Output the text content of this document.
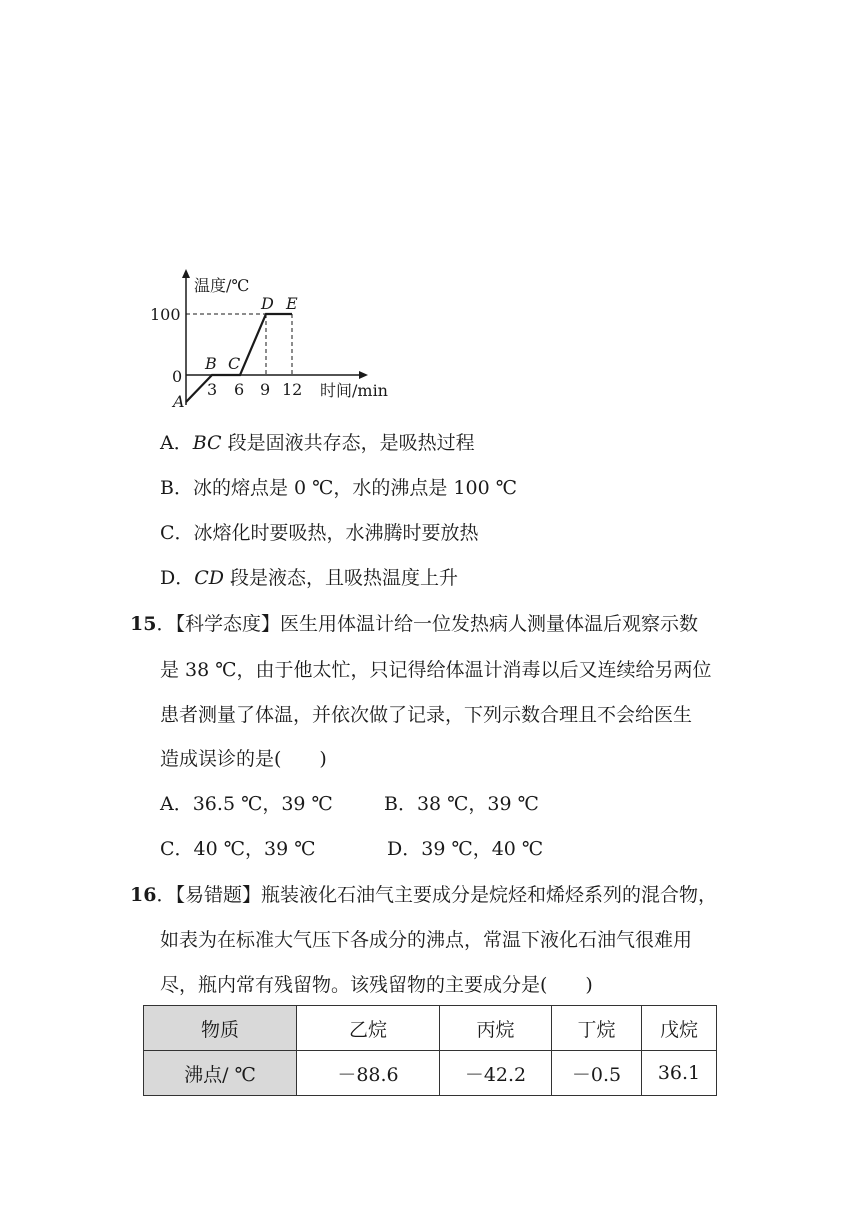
温度/℃
时间/min
100
0
3 6 9 12
A
B C
D E
A．BC 段是固液共存态，是吸热过程
B．冰的熔点是 0 ℃，水的沸点是 100 ℃
C．冰熔化时要吸热，水沸腾时要放热
D．CD 段是液态，且吸热温度上升
15．【科学态度】医生用体温计给一位发热病人测量体温后观察示数
是 38 ℃，由于他太忙，只记得给体温计消毒以后又连续给另两位
患者测量了体温，并依次做了记录，下列示数合理且不会给医生
造成误诊的是(　　)
A．36.5 ℃，39 ℃	B．38 ℃，39 ℃
C．40 ℃，39 ℃	D．39 ℃，40 ℃
16．【易错题】瓶装液化石油气主要成分是烷烃和烯烃系列的混合物，
如表为在标准大气压下各成分的沸点，常温下液化石油气很难用
尽，瓶内常有残留物。该残留物的主要成分是(　　)
物质	乙烷	丙烷	丁烷	戊烷
沸点/ ℃	－88.6	－42.2	－0.5	36.1
